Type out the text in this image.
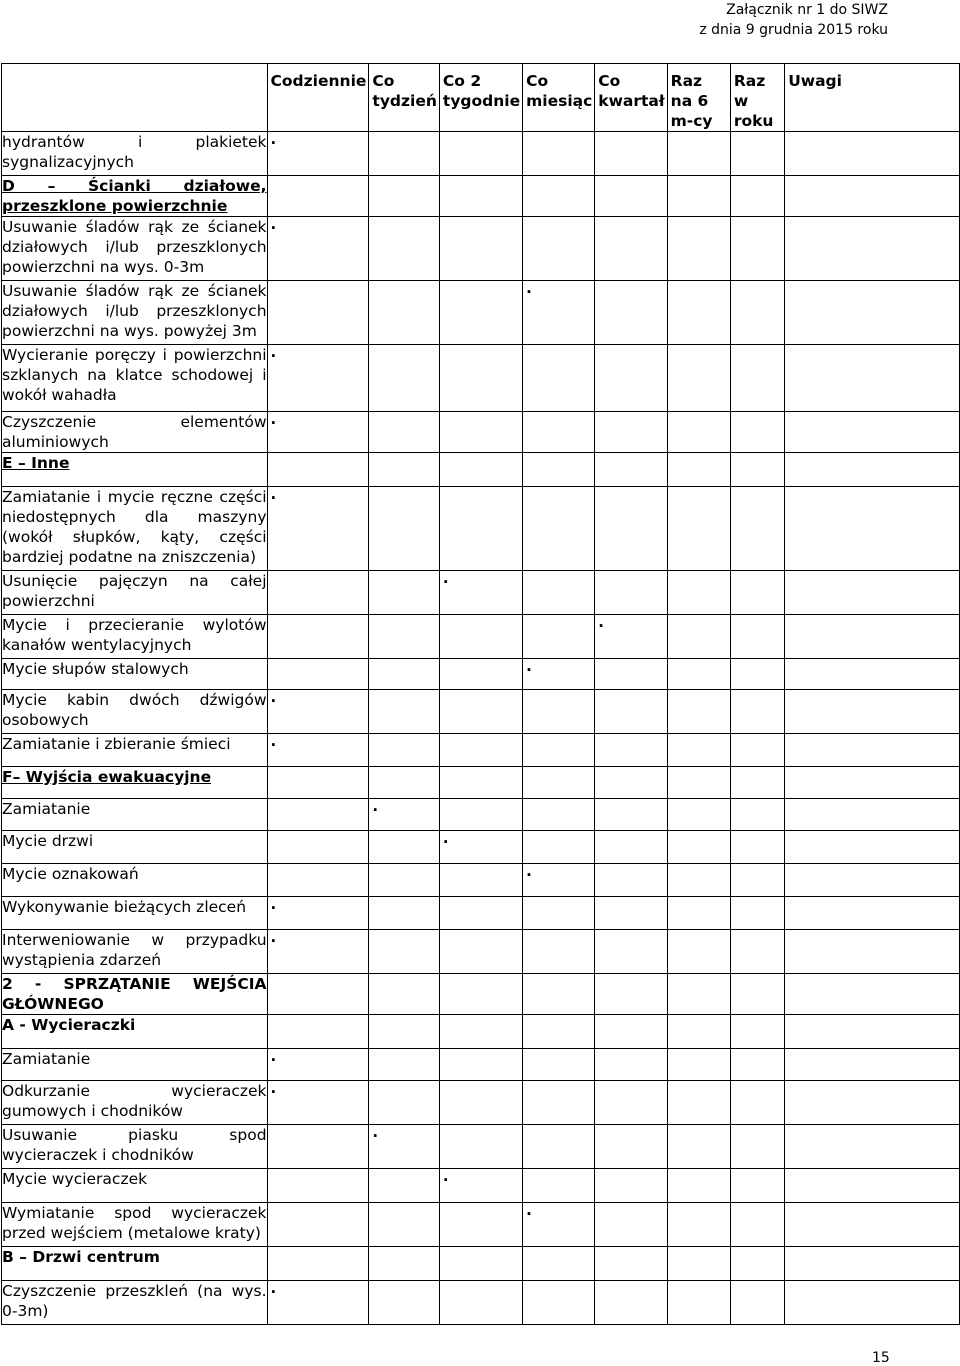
Załącznik nr 1 do SIWZ
z dnia 9 grudnia 2015 roku
	Codziennie	Co tydzień	Co 2 tygodnie	Co miesiąc	Co kwartał	Raz na 6 m-cy	Raz w roku	Uwagi
hydrantów i plakietek sygnalizacyjnych	·							

D – Ścianki działowe, przeszklone powierzchnie								
Usuwanie śladów rąk ze ścianek działowych i/lub przeszklonych powierzchni na wys. 0-3m	·							

Usuwanie śladów rąk ze ścianek działowych i/lub przeszklonych powierzchni na wys. powyżej 3m				·				

Wycieranie poręczy i powierzchni szklanych na klatce schodowej i wokół wahadła	·							

Czyszczenie elementów aluminiowych	·							

E – Inne								
Zamiatanie i mycie ręczne części niedostępnych dla maszyny (wokół słupków, kąty, części bardziej podatne na zniszczenia)	·							

Usunięcie pajęczyn na całej powierzchni			·					

Mycie i przecieranie wylotów kanałów wentylacyjnych					·			

Mycie słupów stalowych				·				

Mycie kabin dwóch dźwigów osobowych	·							

Zamiatanie i zbieranie śmieci	·							

F– Wyjścia ewakuacyjne								
Zamiatanie		·						

Mycie drzwi			·					

Mycie oznakowań				·				

Wykonywanie bieżących zleceń	·							

Interweniowanie w przypadku wystąpienia zdarzeń	·							

2 - SPRZĄTANIE WEJŚCIA GŁÓWNEGO								
A - Wycieraczki								
Zamiatanie	·							

Odkurzanie wycieraczek gumowych i chodników	·							

Usuwanie piasku spod wycieraczek i chodników		·						

Mycie wycieraczek			·					

Wymiatanie spod wycieraczek przed wejściem (metalowe kraty)				·				

B – Drzwi centrum								
Czyszczenie przeszkleń (na wys. 0-3m)	·							

15
